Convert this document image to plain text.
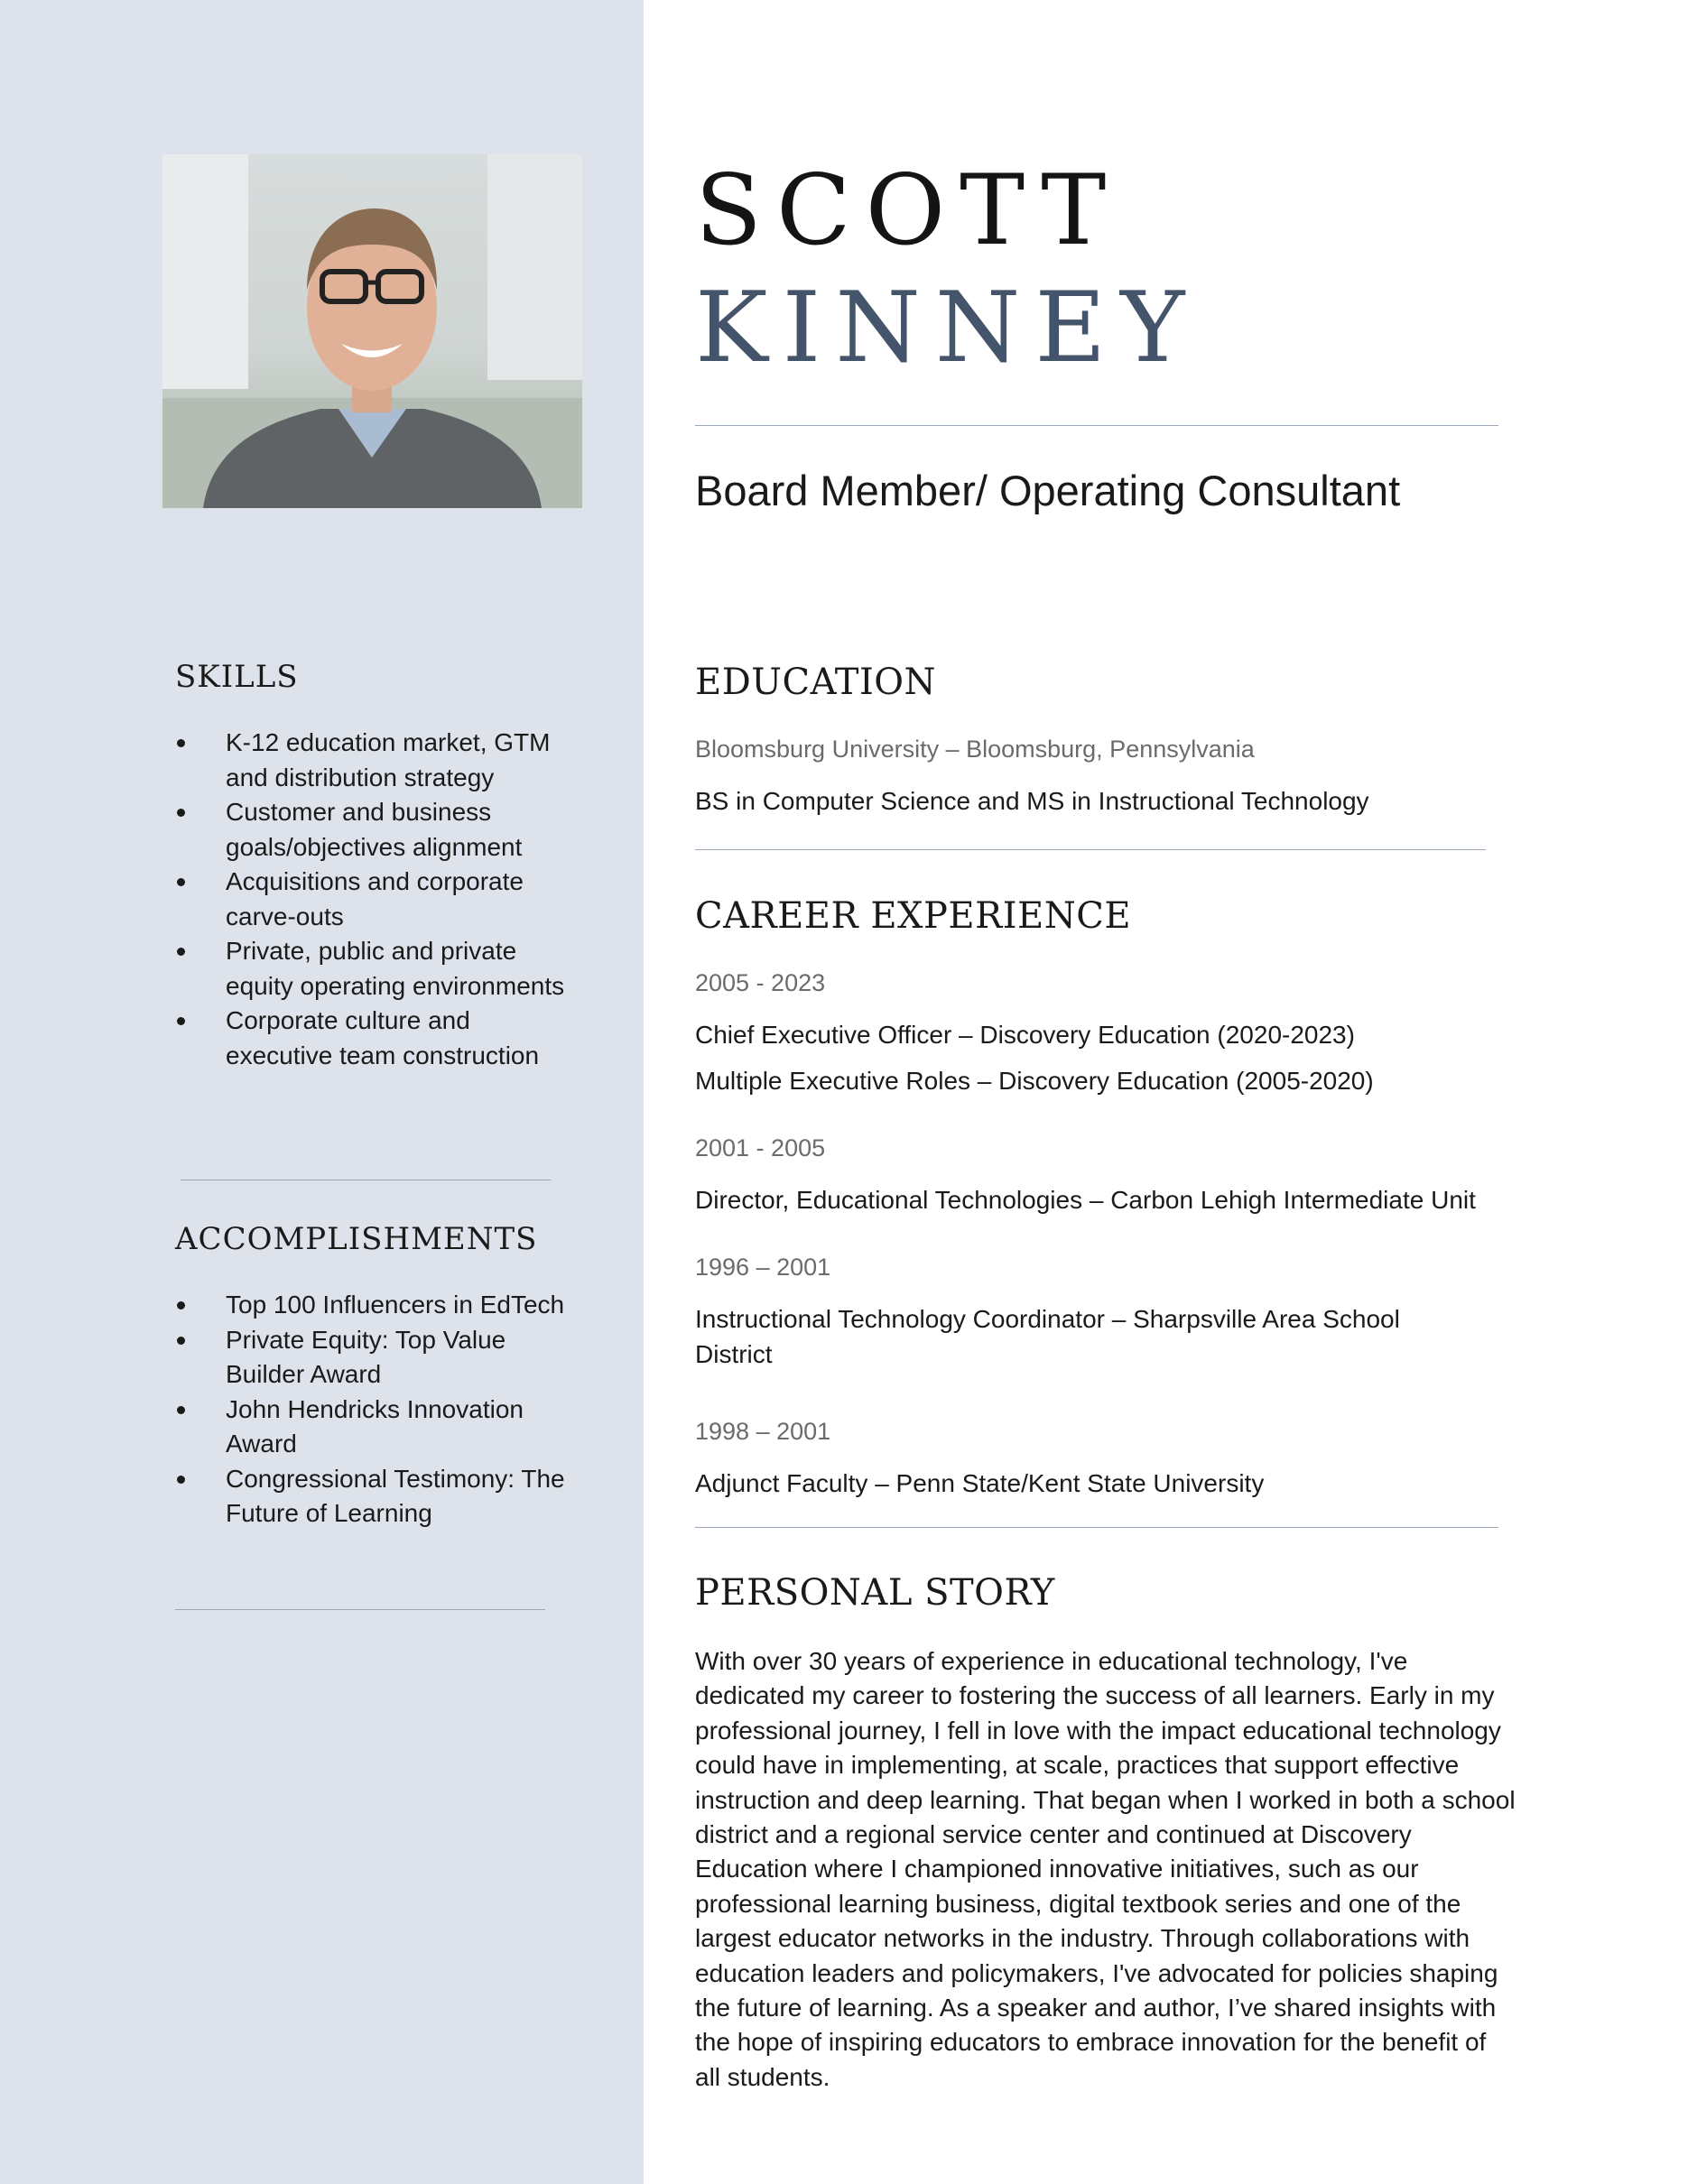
SKILLS
K-12 education market, GTM and distribution strategy
Customer and business goals/objectives alignment
Acquisitions and corporate carve-outs
Private, public and private equity operating environments
Corporate culture and executive team construction
ACCOMPLISHMENTS
Top 100 Influencers in EdTech
Private Equity: Top Value Builder Award
John Hendricks Innovation Award
Congressional Testimony: The Future of Learning
SCOTT
KINNEY

Board Member/ Operating Consultant

EDUCATION
Bloomsburg University – Bloomsburg, Pennsylvania
BS in Computer Science and MS in Instructional Technology
CAREER EXPERIENCE
2005 - 2023
Chief Executive Officer – Discovery Education (2020-2023)
Multiple Executive Roles – Discovery Education (2005-2020)
2001 - 2005
Director, Educational Technologies – Carbon Lehigh Intermediate Unit
1996 – 2001
Instructional Technology Coordinator – Sharpsville Area School District
1998 – 2001
Adjunct Faculty – Penn State/Kent State University
PERSONAL STORY

With over 30 years of experience in educational technology, I've dedicated my career to fostering the success of all learners. Early in my professional journey, I fell in love with the impact educational technology could have in implementing, at scale, practices that support effective instruction and deep learning. That began when I worked in both a school district and a regional service center and continued at Discovery Education where I championed innovative initiatives, such as our professional learning business, digital textbook series and one of the largest educator networks in the industry. Through collaborations with education leaders and policymakers, I've advocated for policies shaping the future of learning. As a speaker and author, I’ve shared insights with the hope of inspiring educators to embrace innovation for the benefit of all students.
